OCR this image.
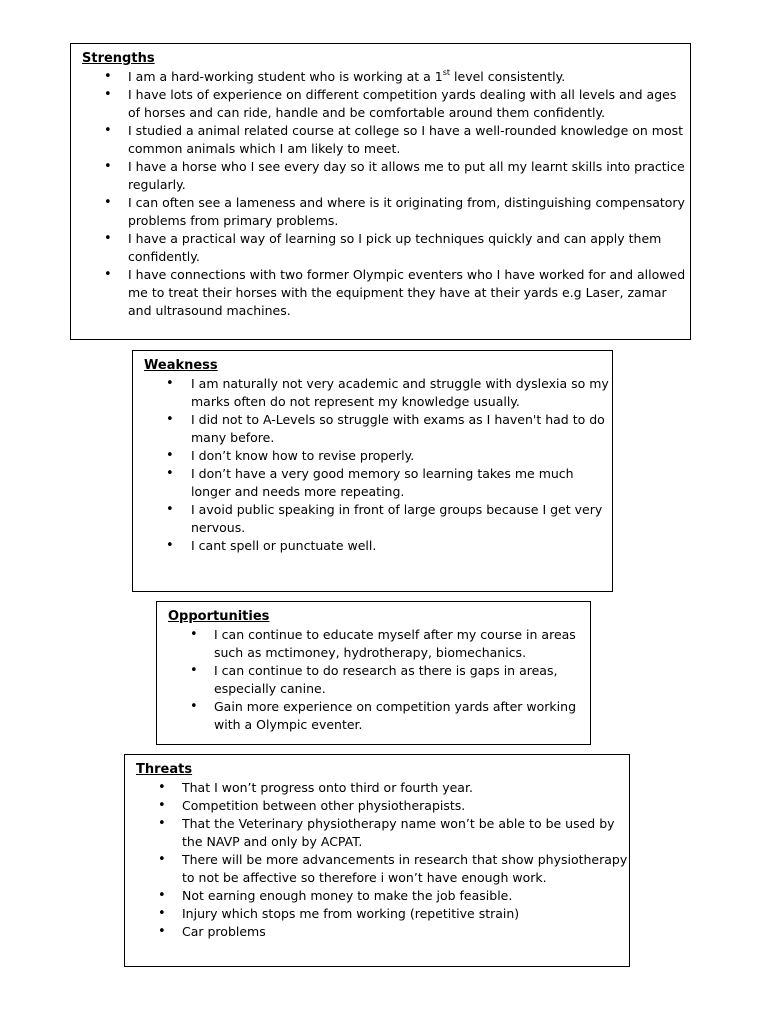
Strengths
• I am a hard-working student who is working at a 1st level consistently.
• I have lots of experience on different competition yards dealing with all levels and ages of horses and can ride, handle and be comfortable around them confidently.
• I studied a animal related course at college so I have a well-rounded knowledge on most common animals which I am likely to meet.
• I have a horse who I see every day so it allows me to put all my learnt skills into practice regularly.
• I can often see a lameness and where is it originating from, distinguishing compensatory problems from primary problems.
• I have a practical way of learning so I pick up techniques quickly and can apply them confidently.
• I have connections with two former Olympic eventers who I have worked for and allowed me to treat their horses with the equipment they have at their yards e.g Laser, zamar and ultrasound machines.
Weakness
• I am naturally not very academic and struggle with dyslexia so my marks often do not represent my knowledge usually.
• I did not to A-Levels so struggle with exams as I haven't had to do many before.
• I don’t know how to revise properly.
• I don’t have a very good memory so learning takes me much longer and needs more repeating.
• I avoid public speaking in front of large groups because I get very nervous.
• I cant spell or punctuate well.
Opportunities
• I can continue to educate myself after my course in areas such as mctimoney, hydrotherapy, biomechanics.
• I can continue to do research as there is gaps in areas, especially canine.
• Gain more experience on competition yards after working with a Olympic eventer.
Threats
• That I won’t progress onto third or fourth year.
• Competition between other physiotherapists.
• That the Veterinary physiotherapy name won’t be able to be used by the NAVP and only by ACPAT.
• There will be more advancements in research that show physiotherapy to not be affective so therefore i won’t have enough work.
• Not earning enough money to make the job feasible.
• Injury which stops me from working (repetitive strain)
• Car problems
